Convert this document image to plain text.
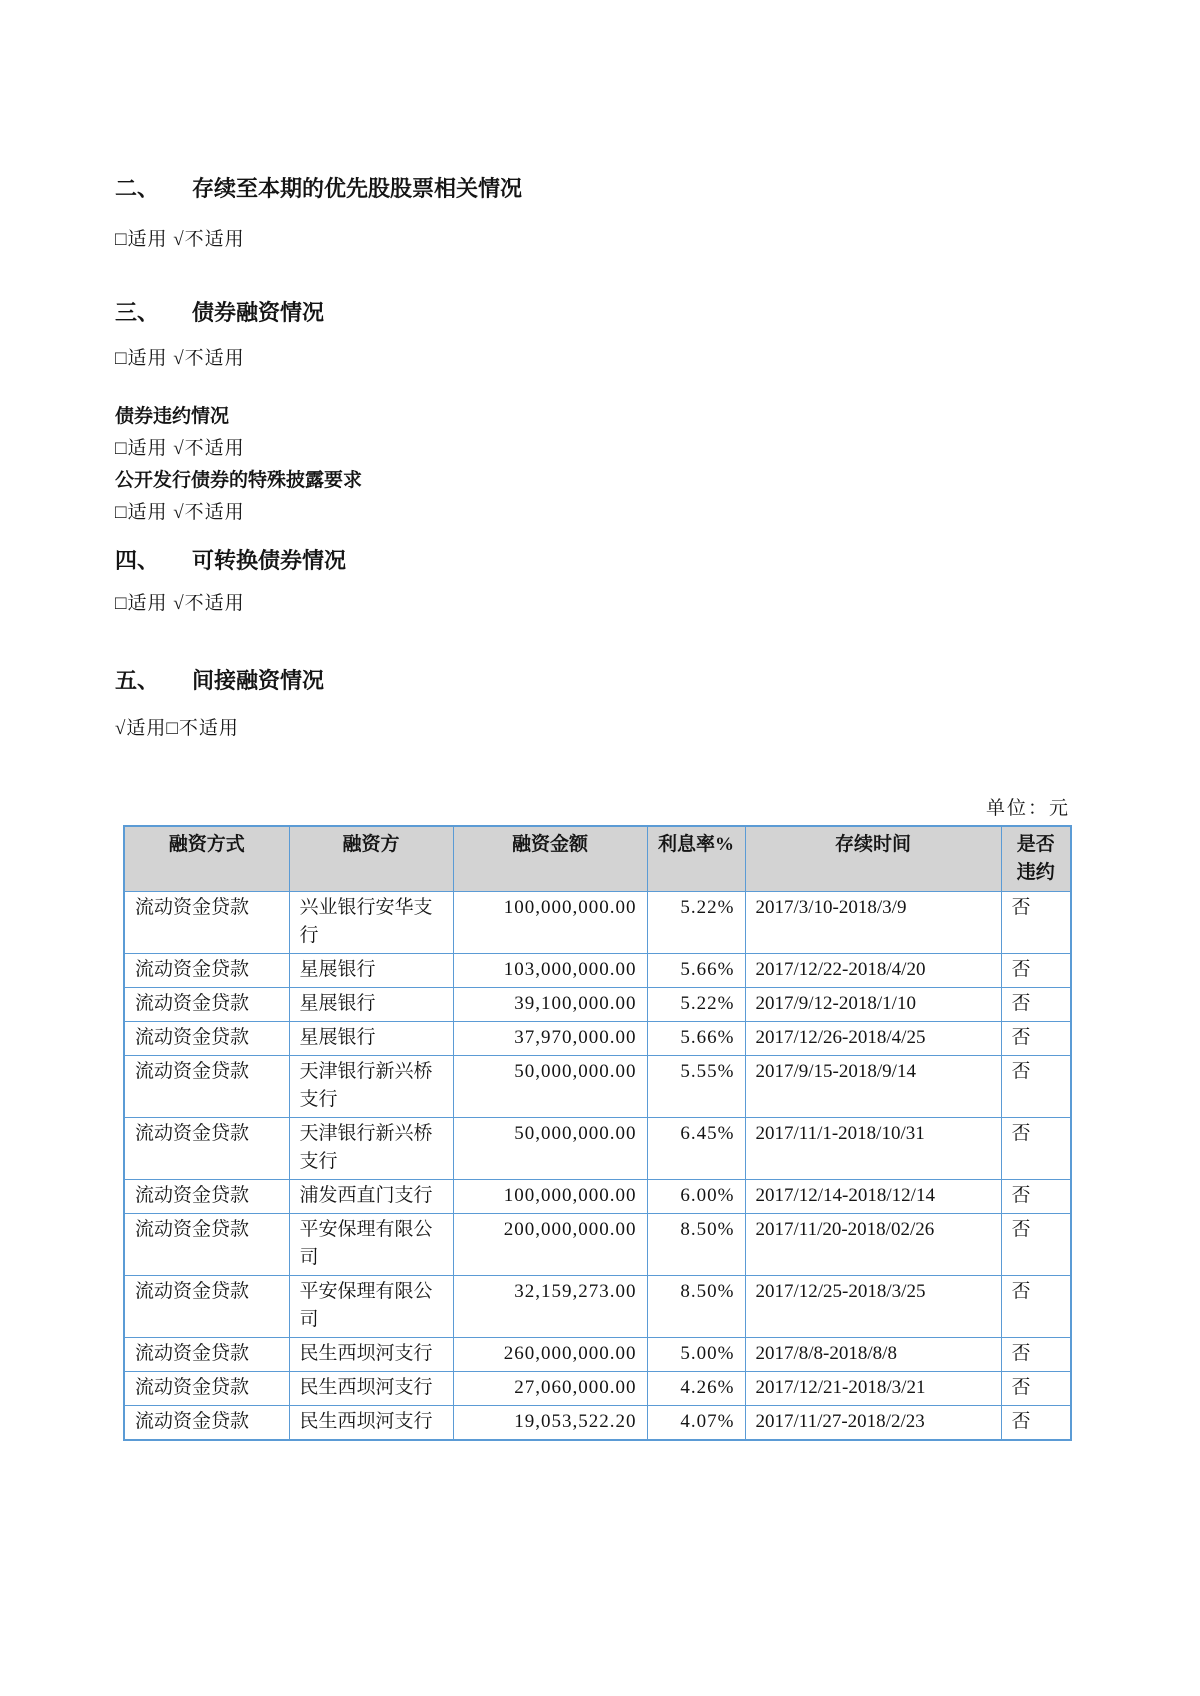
二、	存续至本期的优先股股票相关情况

□适用 √不适用

三、	债券融资情况

□适用 √不适用

债券违约情况

□适用 √不适用

公开发行债券的特殊披露要求

□适用 √不适用

四、	可转换债券情况

□适用 √不适用

五、	间接融资情况

√适用□不适用

单位：元
融资方式	融资方	融资金额	利息率%	存续时间	是否违约
流动资金贷款	兴业银行安华支行	100,000,000.00	5.22%	2017/3/10-2018/3/9	否
流动资金贷款	星展银行	103,000,000.00	5.66%	2017/12/22-2018/4/20	否
流动资金贷款	星展银行	39,100,000.00	5.22%	2017/9/12-2018/1/10	否
流动资金贷款	星展银行	37,970,000.00	5.66%	2017/12/26-2018/4/25	否
流动资金贷款	天津银行新兴桥支行	50,000,000.00	5.55%	2017/9/15-2018/9/14	否
流动资金贷款	天津银行新兴桥支行	50,000,000.00	6.45%	2017/11/1-2018/10/31	否
流动资金贷款	浦发西直门支行	100,000,000.00	6.00%	2017/12/14-2018/12/14	否
流动资金贷款	平安保理有限公司	200,000,000.00	8.50%	2017/11/20-2018/02/26	否
流动资金贷款	平安保理有限公司	32,159,273.00	8.50%	2017/12/25-2018/3/25	否
流动资金贷款	民生西坝河支行	260,000,000.00	5.00%	2017/8/8-2018/8/8	否
流动资金贷款	民生西坝河支行	27,060,000.00	4.26%	2017/12/21-2018/3/21	否
流动资金贷款	民生西坝河支行	19,053,522.20	4.07%	2017/11/27-2018/2/23	否
